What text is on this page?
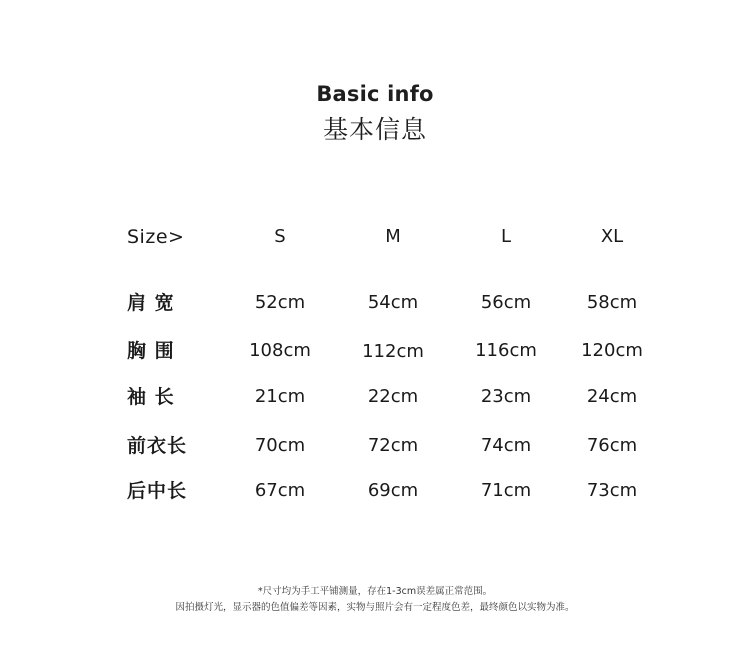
Basic info
基本信息
Size>	S	M	L	XL
肩 宽	52cm	54cm	56cm	58cm
胸 围	108cm	112cm	116cm 120cm
袖 长	21cm	22cm	23cm	24cm
前衣长	70cm	72cm	74cm	76cm
后中长	67cm	69cm	71cm	73cm
*尺寸均为手工平铺测量，存在1-3cm误差属正常范围。
因拍摄灯光，显示器的色值偏差等因素，实物与照片会有一定程度色差，最终颜色以实物为准。
